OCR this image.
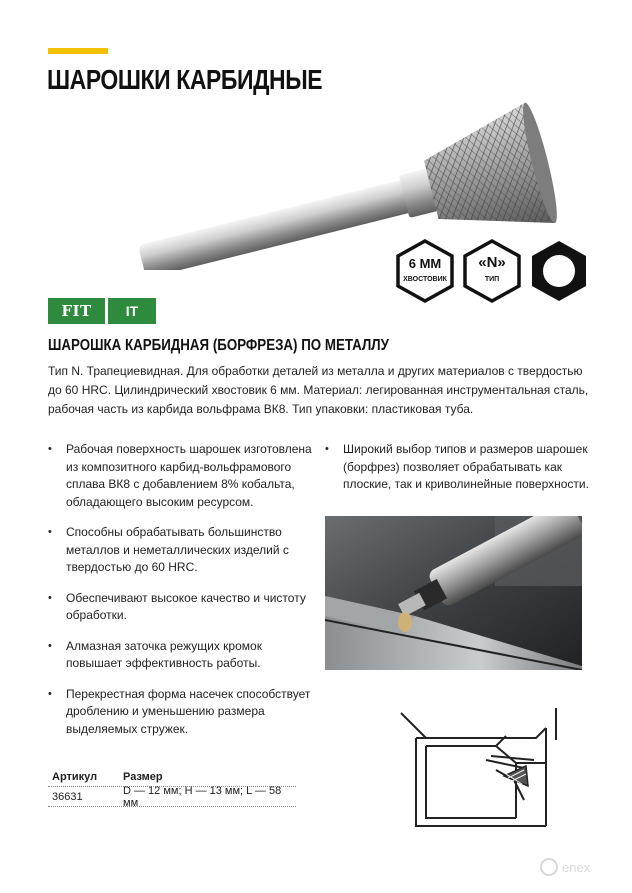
ШАРОШКИ КАРБИДНЫЕ
6 ММ
ХВОСТОВИК
«N»
ТИП
FIT	IT
ШАРОШКА КАРБИДНАЯ (БОРФРЕЗА) ПО МЕТАЛЛУ
Тип N. Трапециевидная. Для обработки деталей из металла и других материалов с твердостью до 60 HRC. Цилиндрический хвостовик 6 мм. Материал: легированная инструментальная сталь, рабочая часть из карбида вольфрама ВК8. Тип упаковки: пластиковая туба.
• Рабочая поверхность шарошек изготовлена из композитного карбид-вольфрамового сплава ВК8 с добавлением 8% кобальта, обладающего высоким ресурсом.
• Способны обрабатывать большинство металлов и неметаллических изделий с твердостью до 60 HRC.
• Обеспечивают высокое качество и чистоту обработки.
• Алмазная заточка режущих кромок повышает эффективность работы.
• Перекрестная форма насечек способствует дроблению и уменьшению размера выделяемых стружек.
• Широкий выбор типов и размеров шарошек (борфрез) позволяет обрабатывать как плоские, так и криволинейные поверхности.
Артикул	Размер
36631	D — 12 мм; H — 13 мм; L — 58 мм
enex
